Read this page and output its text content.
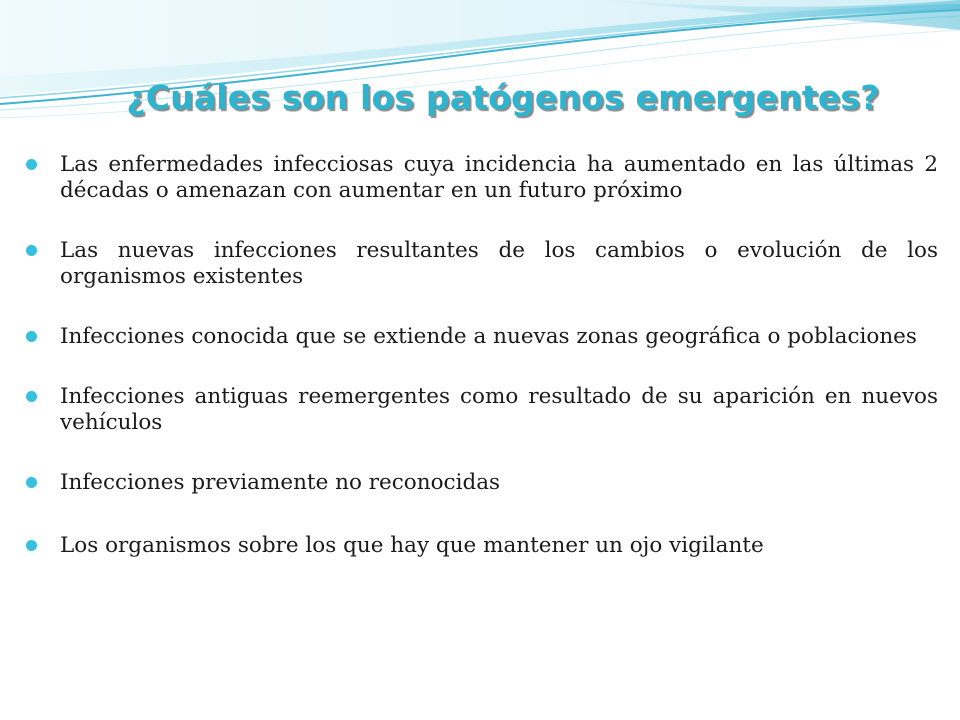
¿Cuáles son los patógenos emergentes?
Las enfermedades infecciosas cuya incidencia ha aumentado en las últimas 2 décadas o amenazan con aumentar en un futuro próximo
Las nuevas infecciones resultantes de los cambios o evolución de los organismos existentes
Infecciones conocida que se extiende a nuevas zonas geográfica o poblaciones
Infecciones antiguas reemergentes como resultado de su aparición en nuevos vehículos
Infecciones previamente no reconocidas
Los organismos sobre los que hay que mantener un ojo vigilante
